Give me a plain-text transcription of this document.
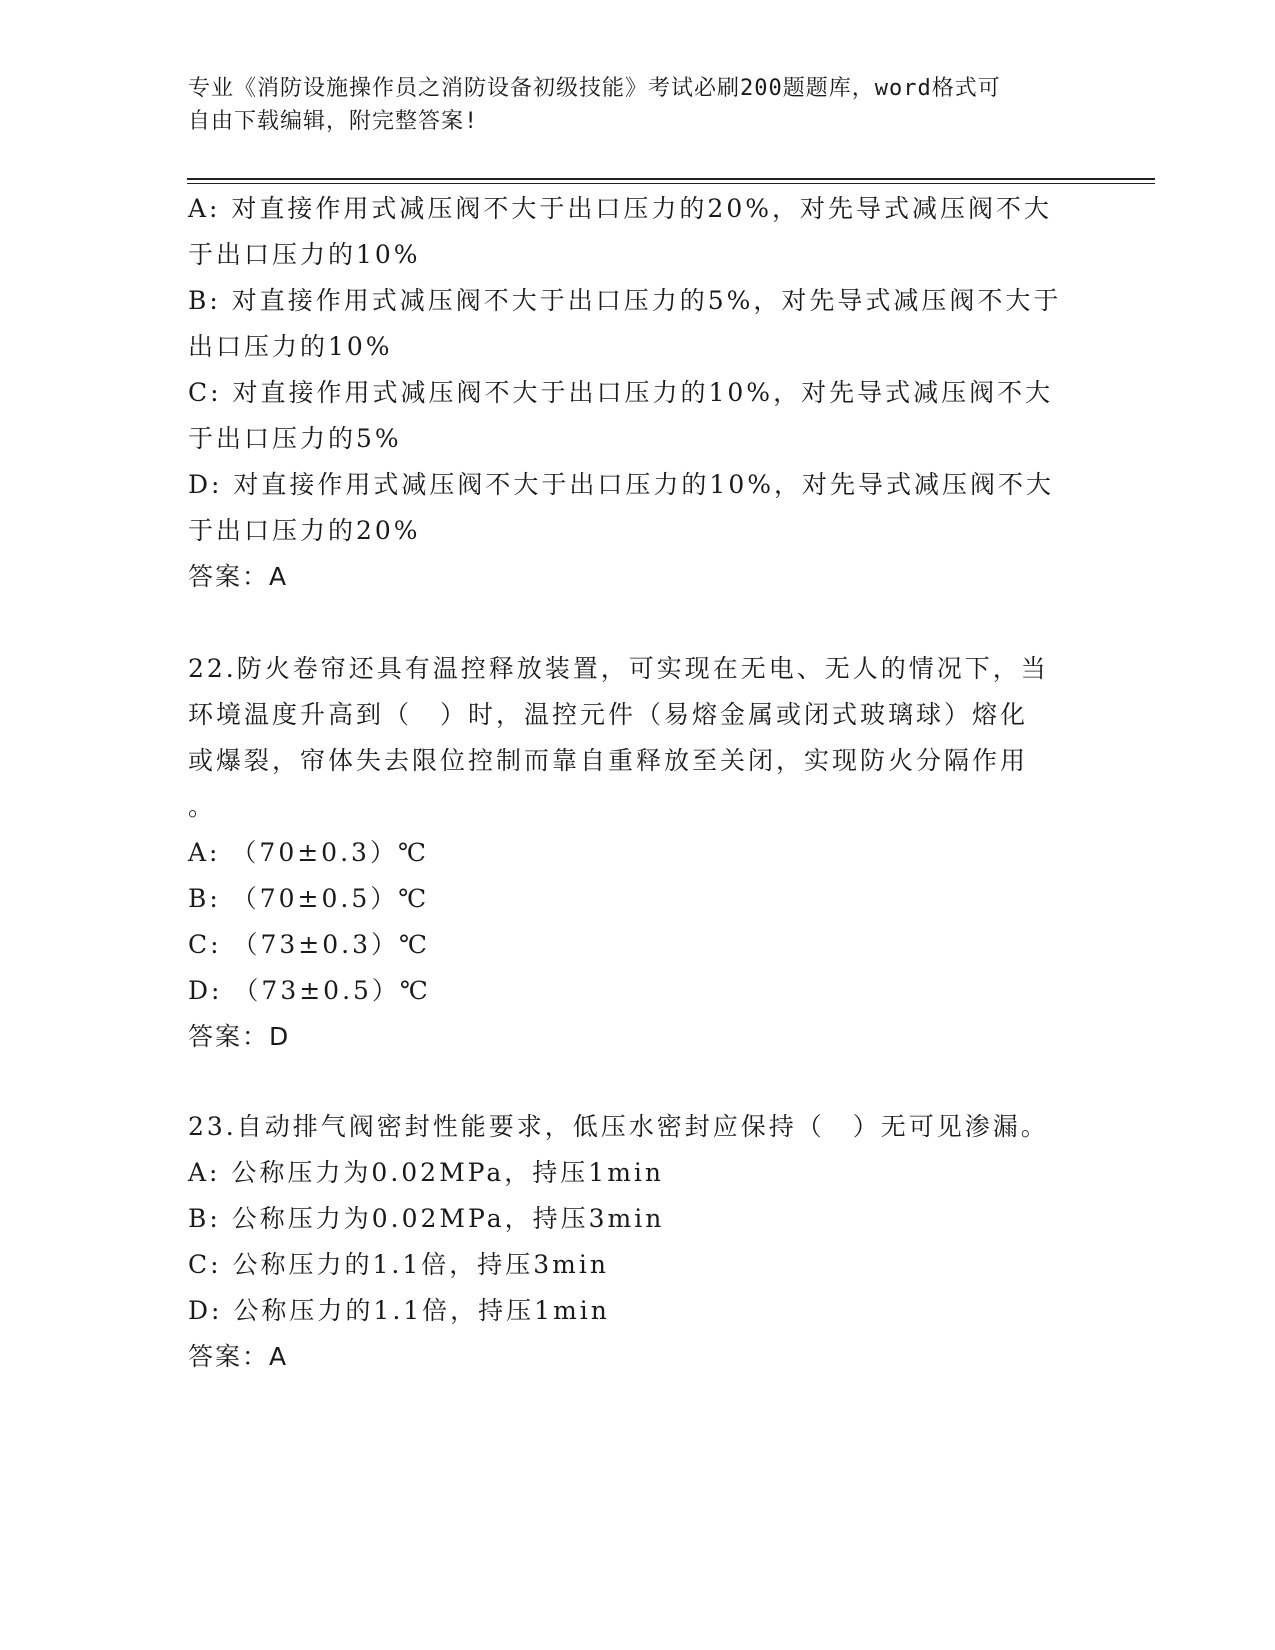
专业《消防设施操作员之消防设备初级技能》考试必刷200题题库，word格式可
自由下载编辑，附完整答案!
A: 对直接作用式减压阀不大于出口压力的20%，对先导式减压阀不大
于出口压力的10%
B: 对直接作用式减压阀不大于出口压力的5%，对先导式减压阀不大于
出口压力的10%
C: 对直接作用式减压阀不大于出口压力的10%，对先导式减压阀不大
于出口压力的5%
D: 对直接作用式减压阀不大于出口压力的10%，对先导式减压阀不大
于出口压力的20%
答案：A
22.防火卷帘还具有温控释放装置，可实现在无电、无人的情况下，当
环境温度升高到（　）时，温控元件（易熔金属或闭式玻璃球）熔化
或爆裂，帘体失去限位控制而靠自重释放至关闭，实现防火分隔作用
。
A: （70±0.3）℃
B: （70±0.5）℃
C: （73±0.3）℃
D: （73±0.5）℃
答案：D
23.自动排气阀密封性能要求，低压水密封应保持（　）无可见渗漏。
A: 公称压力为0.02MPa，持压1min
B: 公称压力为0.02MPa，持压3min
C: 公称压力的1.1倍，持压3min
D: 公称压力的1.1倍，持压1min
答案：A
